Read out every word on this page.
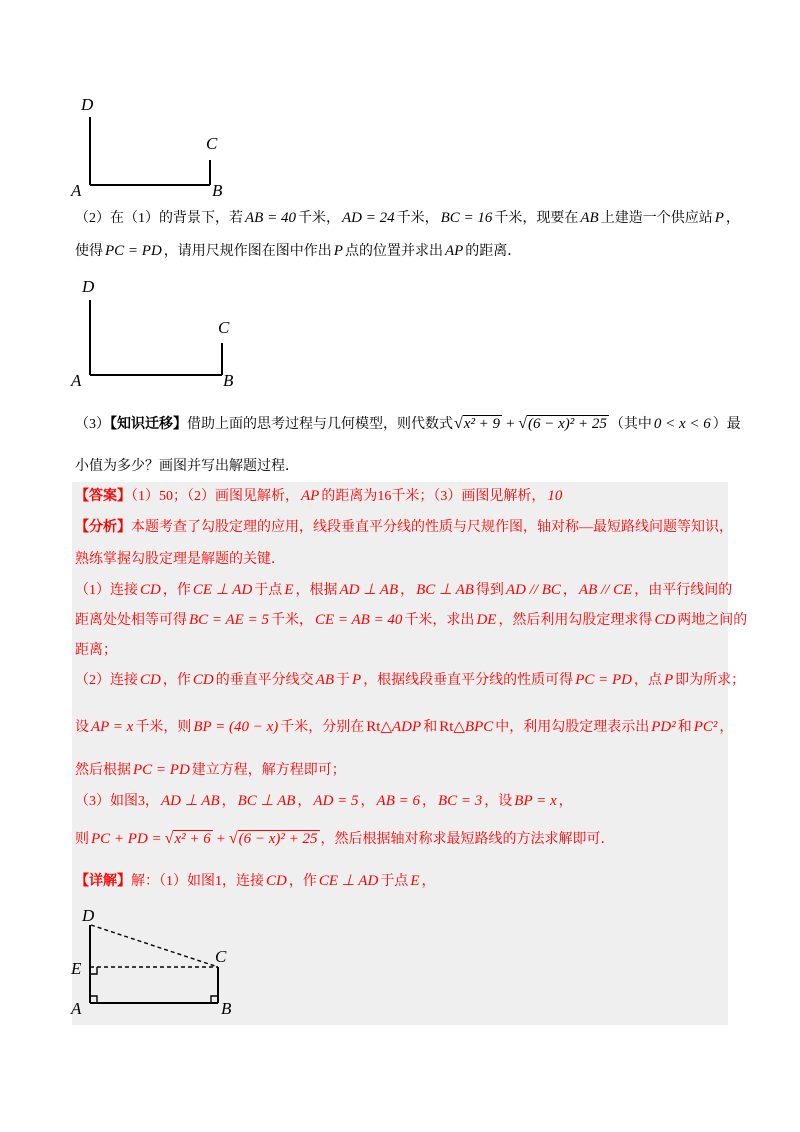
D
C
A	B
（2）在（1）的背景下，若 AB = 40 千米， AD = 24 千米， BC = 16 千米，现要在 AB 上建造一个供应站 P ，
使得 PC = PD ，请用尺规作图在图中作出 P 点的位置并求出 AP 的距离．
D
C
A	B
（3）【知识迁移】借助上面的思考过程与几何模型，则代数式√x² + 9 + √(6 − x)² + 25 （其中 0 < x < 6 ）最
小值为多少？画图并写出解题过程．
【答案】（1）50；（2）画图见解析， AP 的距离为16千米；（3）画图见解析， 10
【分析】本题考查了勾股定理的应用，线段垂直平分线的性质与尺规作图，轴对称—最短路线问题等知识，
熟练掌握勾股定理是解题的关键．
（1）连接 CD ，作 CE ⊥ AD 于点 E ，根据 AD ⊥ AB ， BC ⊥ AB 得到 AD // BC ， AB // CE ，由平行线间的
距离处处相等可得 BC = AE = 5 千米， CE = AB = 40 千米，求出 DE ，然后利用勾股定理求得 CD 两地之间的
距离；
（2）连接 CD ，作 CD 的垂直平分线交 AB 于 P ，根据线段垂直平分线的性质可得 PC = PD ，点 P 即为所求；
设 AP = x 千米，则 BP = (40 − x) 千米，分别在 Rt△ADP 和 Rt△BPC 中，利用勾股定理表示出 PD² 和 PC² ，
然后根据 PC = PD 建立方程，解方程即可；
（3）如图3， AD ⊥ AB ， BC ⊥ AB ， AD = 5 ， AB = 6 ， BC = 3 ，设 BP = x ，
则 PC + PD = √x² + 6 + √(6 − x)² + 25 ，然后根据轴对称求最短路线的方法求解即可．
【详解】解：（1）如图1，连接 CD ，作 CE ⊥ AD 于点 E ，
D
E
C
A	B
